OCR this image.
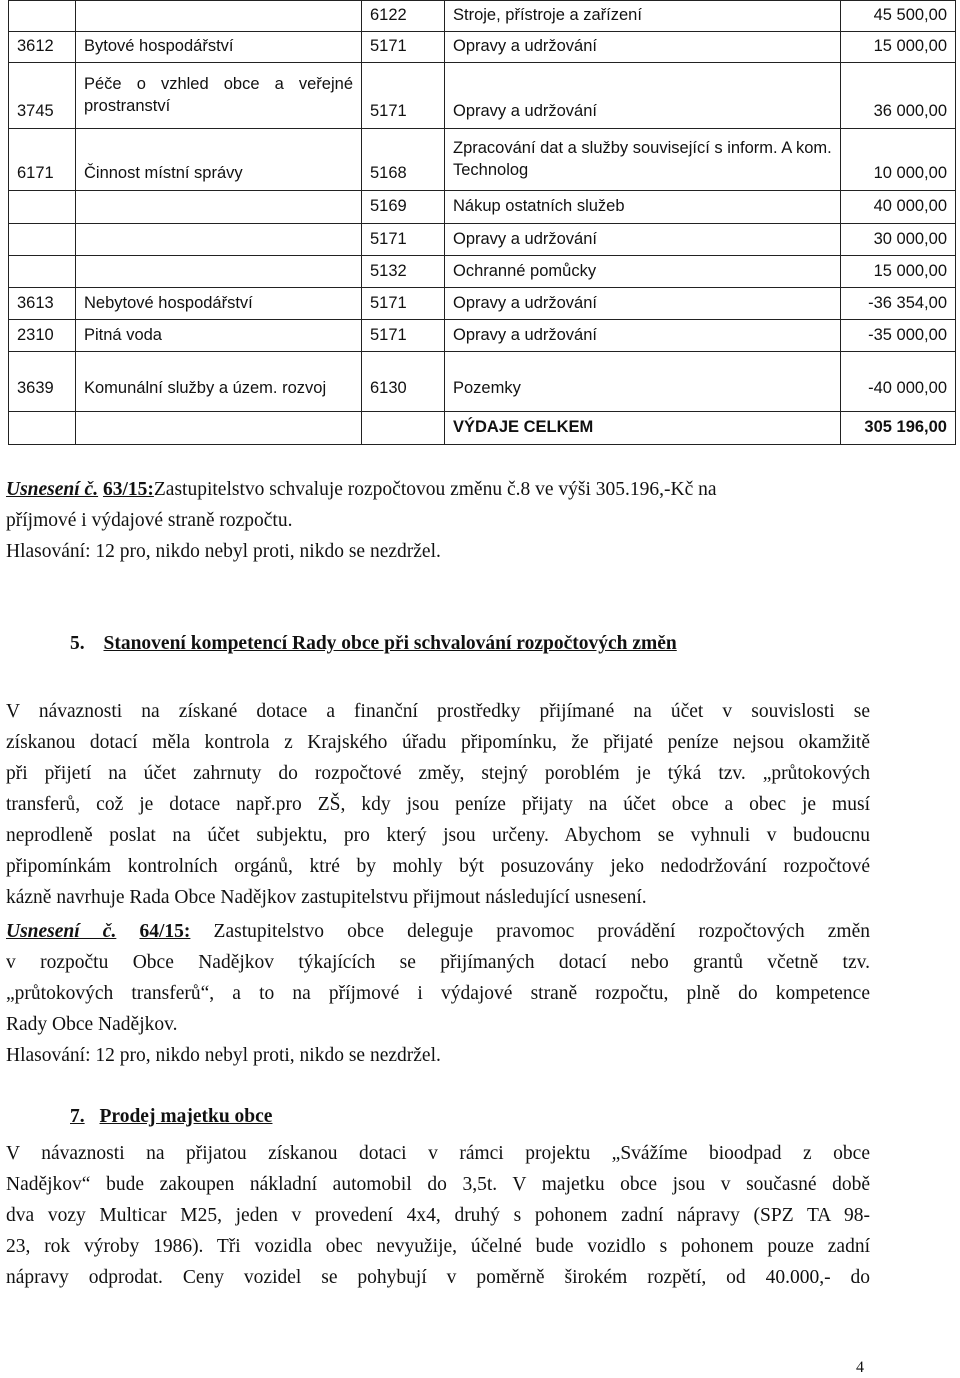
		6122	Stroje, přístroje a zařízení	45 500,00
3612	Bytové hospodářství	5171	Opravy a udržování	15 000,00
3745	Péče o vzhled obce a veřejné prostranství	5171	Opravy a udržování	36 000,00
6171	Činnost místní správy	5168	Zpracování dat a služby související s inform. A kom. Technolog	10 000,00
		5169	Nákup ostatních služeb	40 000,00
		5171	Opravy a udržování	30 000,00
		5132	Ochranné pomůcky	15 000,00
3613	Nebytové hospodářství	5171	Opravy a udržování	-36 354,00
2310	Pitná voda	5171	Opravy a udržování	-35 000,00
3639	Komunální služby a územ. rozvoj	6130	Pozemky	-40 000,00
			VÝDAJE CELKEM	305 196,00
Usnesení č. 63/15:Zastupitelstvo schvaluje rozpočtovou změnu č.8 ve výši 305.196,-Kč na
příjmové i výdajové straně rozpočtu.
Hlasování: 12 pro, nikdo nebyl proti, nikdo se nezdržel.
5. Stanovení kompetencí Rady obce při schvalování rozpočtových změn
V návaznosti na získané dotace a finanční prostředky přijímané na účet v souvislosti se
získanou dotací měla kontrola z Krajského úřadu připomínku, že přijaté peníze nejsou okamžitě
při přijetí na účet zahrnuty do rozpočtové změy, stejný poroblém je týká tzv. „průtokových
transferů, což je dotace např.pro ZŠ, kdy jsou peníze přijaty na účet obce a obec je musí
neprodleně poslat na účet subjektu, pro který jsou určeny. Abychom se vyhnuli v budoucnu
připomínkám kontrolních orgánů, ktré by mohly být posuzovány jeko nedodržování rozpočtové
kázně navrhuje Rada Obce Nadějkov zastupitelstvu přijmout následující usnesení.
Usnesení č. 64/15: Zastupitelstvo obce deleguje pravomoc provádění rozpočtových změn
v rozpočtu Obce Nadějkov týkajících se přijímaných dotací nebo grantů včetně tzv.
„průtokových transferů“, a to na příjmové i výdajové straně rozpočtu, plně do kompetence
Rady Obce Nadějkov.
Hlasování: 12 pro, nikdo nebyl proti, nikdo se nezdržel.
7. Prodej majetku obce
V návaznosti na přijatou získanou dotaci v rámci projektu „Svážíme bioodpad z obce
Nadějkov“ bude zakoupen nákladní automobil do 3,5t. V majetku obce jsou v současné době
dva vozy Multicar M25, jeden v provedení 4x4, druhý s pohonem zadní nápravy (SPZ TA 98-
23, rok výroby 1986). Tři vozidla obec nevyužije, účelné bude vozidlo s pohonem pouze zadní
nápravy odprodat. Ceny vozidel se pohybují v poměrně širokém rozpětí, od 40.000,- do
4
